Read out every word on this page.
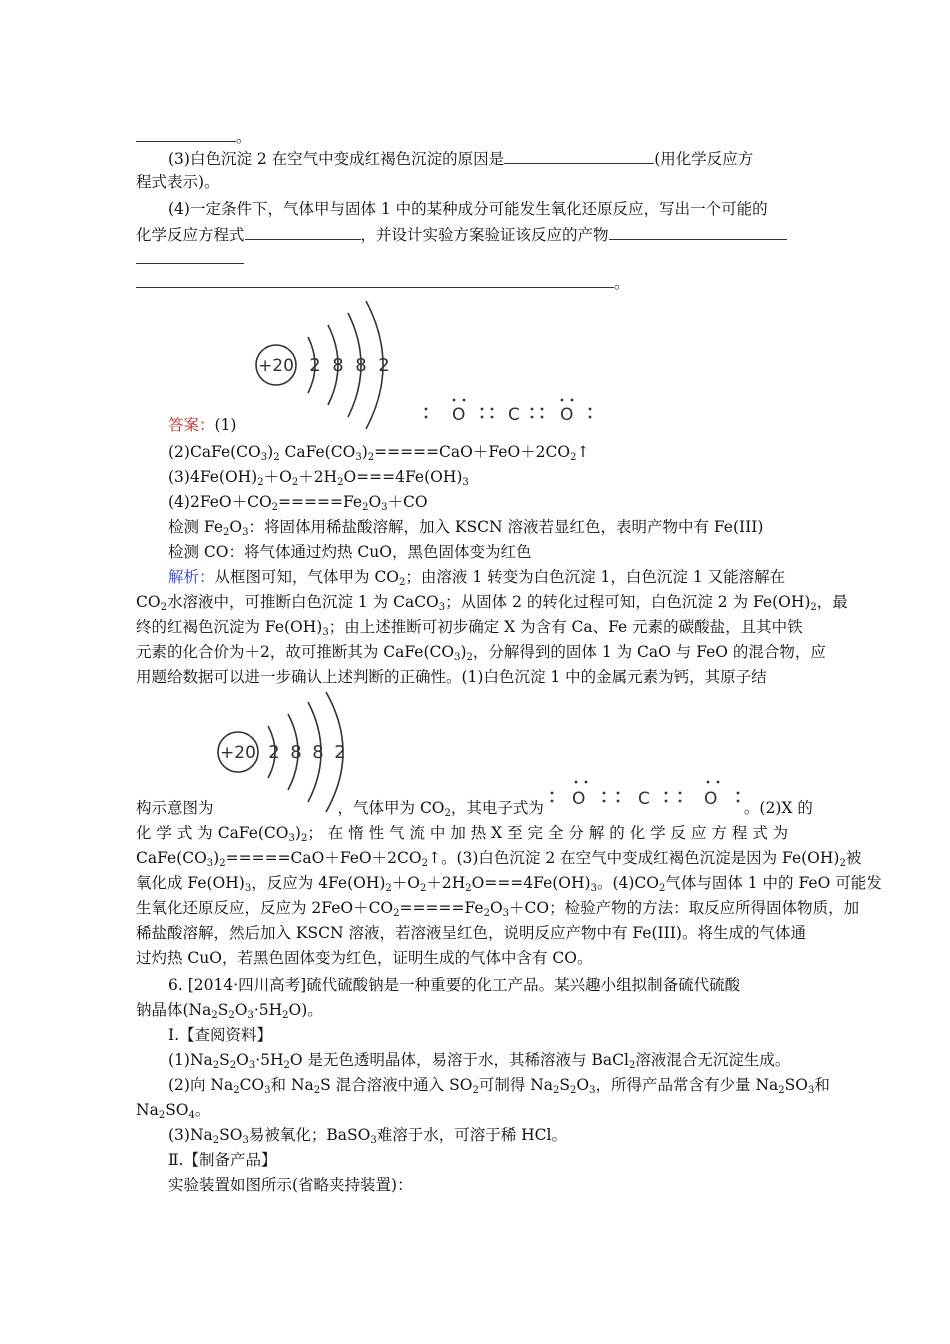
。
(3)白色沉淀 2 在空气中变成红褐色沉淀的原因是	(用化学反应方
程式表示)。
(4)一定条件下，气体甲与固体 1 中的某种成分可能发生氧化还原反应，写出一个可能的
化学反应方程式	，并设计实验方案验证该反应的产物
。
+20 2 8 8 2
答案：(1)	O	C O
$(2)CaFe(CO_3)_2$ $CaFe(CO_3)_2=====CaO+FeO+2CO_2↑$
$(3)4Fe(OH)_2+O_2+2H_2O===4Fe(OH)_3$
$(4)2FeO+CO_2=====Fe_2O_3+CO$
检测 $Fe_2O_3$：将固体用稀盐酸溶解，加入 KSCN 溶液若显红色，表明产物中有 Fe(III)
检测 CO：将气体通过灼热 CuO，黑色固体变为红色
解析：从框图可知，气体甲为 $CO_2$；由溶液 1 转变为白色沉淀 1，白色沉淀 1 又能溶解在
$CO_2$水溶液中，可推断白色沉淀 1 为 CaCO$_3$；从固体 2 的转化过程可知，白色沉淀 2 为 $Fe(OH)_2$，最
终的红褐色沉淀为 $Fe(OH)_3$；由上述推断可初步确定 X 为含有 Ca、Fe 元素的碳酸盐，且其中铁
元素的化合价为＋2，故可推断其为 $CaFe(CO_3)_2$，分解得到的固体 1 为 CaO 与 FeO 的混合物，应
用题给数据可以进一步确认上述判断的正确性。(1)白色沉淀 1 中的金属元素为钙，其原子结
+20 2 8 8 2
构示意图为	，气体甲为 $CO_2$，其电子式为	。(2)X 的
O	C	O
化 学 式 为 $CaFe(CO_3)_2$； 在 惰 性 气 流 中 加 热 X 至 完 全 分 解 的 化 学 反 应 方 程 式 为
$CaFe(CO_3)_2=====CaO+FeO+2CO_2↑$。(3)白色沉淀 2 在空气中变成红褐色沉淀是因为 $Fe(OH)_2$被
氧化成 $Fe(OH)_3$，反应为 $4Fe(OH)_2+O_2+2H_2O===4Fe(OH)_3$。$(4)CO_2$气体与固体 1 中的 FeO 可能发
生氧化还原反应，反应为 $2FeO+CO_2=====Fe_2O_3+CO$；检验产物的方法：取反应所得固体物质，加
稀盐酸溶解，然后加入 KSCN 溶液，若溶液呈红色，说明反应产物中有 Fe(III)。将生成的气体通
过灼热 CuO，若黑色固体变为红色，证明生成的气体中含有 CO。
6. [2014·四川高考]硫代硫酸钠是一种重要的化工产品。某兴趣小组拟制备硫代硫酸
钠晶体$(Na_2S_2O_3\cdot 5H_2O)$。
Ⅰ.【查阅资料】
$(1)Na_2S_2O_3\cdot 5H_2O$ 是无色透明晶体，易溶于水，其稀溶液与 BaCl$_2$溶液混合无沉淀生成。
(2)向 $Na_2CO_3$和 $Na_2S$ 混合溶液中通入 $SO_2$可制得 $Na_2S_2O_3$，所得产品常含有少量 $Na_2SO_3$和
$Na_2SO_4$。
$(3)Na_2SO_3$易被氧化；BaSO$_3$难溶于水，可溶于稀 HCl。
Ⅱ.【制备产品】
实验装置如图所示(省略夹持装置)：
